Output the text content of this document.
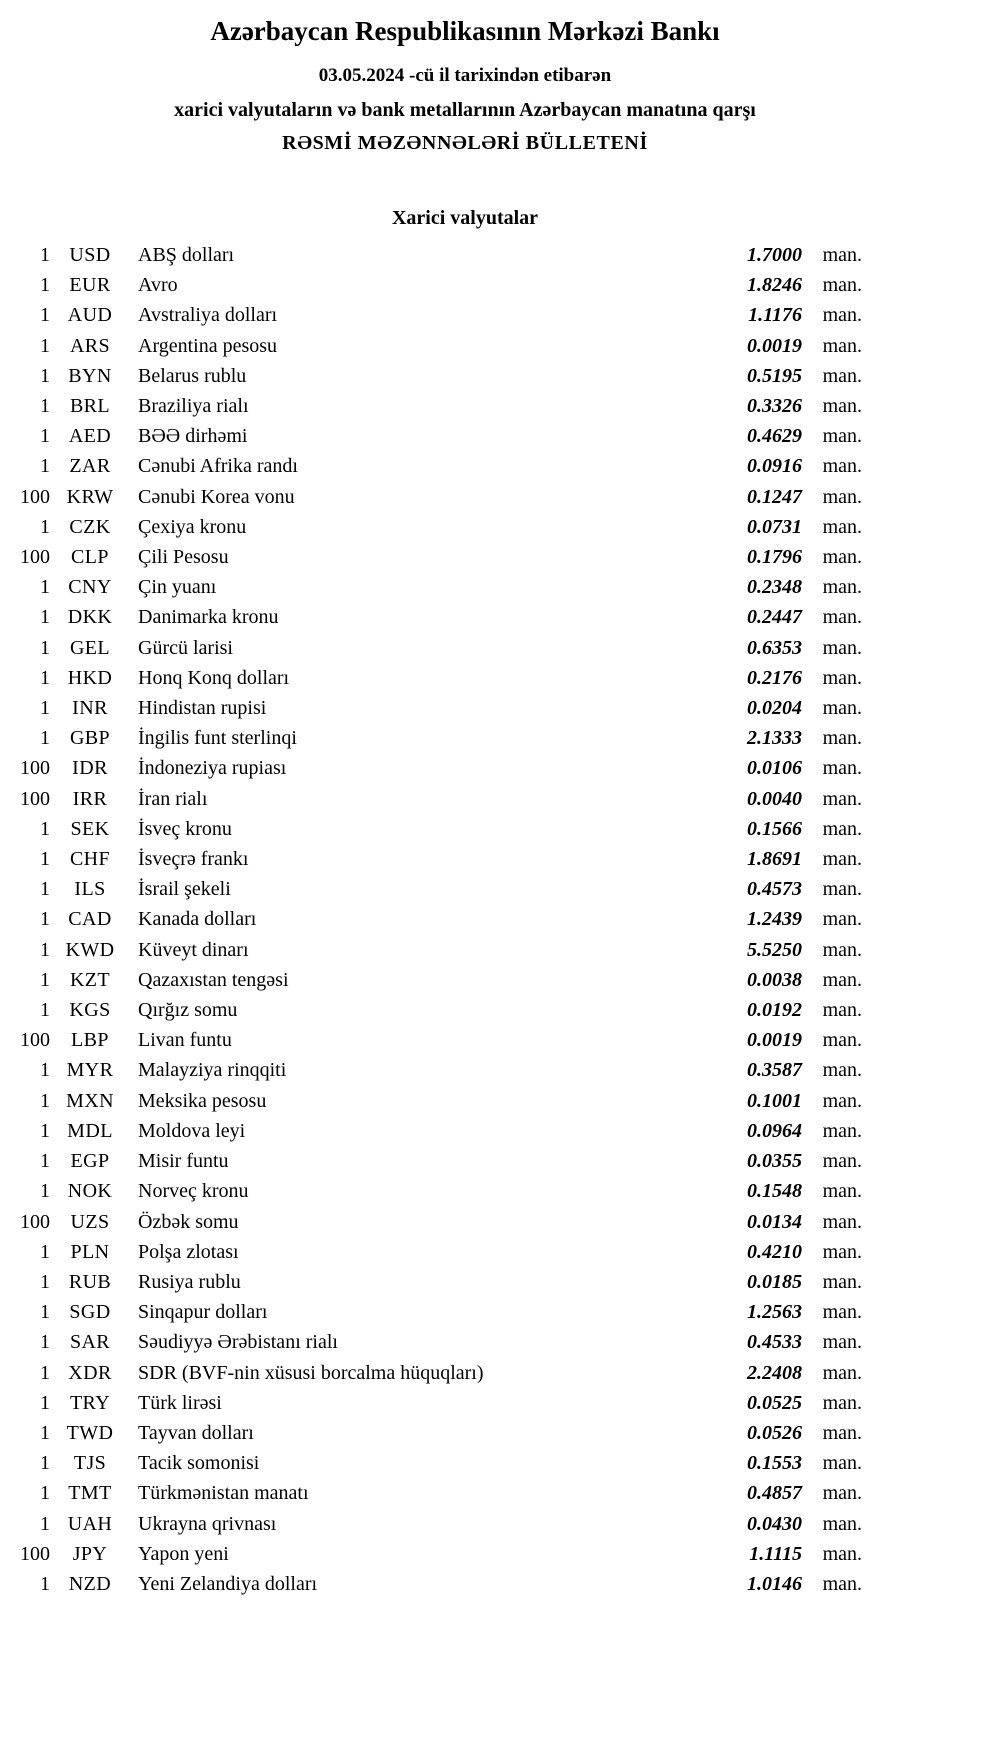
Azərbaycan Respublikasının Mərkəzi Bankı
03.05.2024 -cü il tarixindən etibarən
xarici valyutaların və bank metallarının Azərbaycan manatına qarşı
RƏSMİ MƏZƏNNƏLƏRİ BÜLLETENİ
Xarici valyutalar
1 USD	ABŞ dolları	1.7000	man.
1 EUR	Avro	1.8246	man.
1 AUD	Avstraliya dolları	1.1176	man.
1 ARS	Argentina pesosu	0.0019	man.
1 BYN	Belarus rublu	0.5195	man.
1 BRL	Braziliya rialı	0.3326	man.
1 AED	BƏƏ dirhəmi	0.4629	man.
1 ZAR	Cənubi Afrika randı	0.0916	man.
100 KRW	Cənubi Korea vonu	0.1247	man.
1 CZK	Çexiya kronu	0.0731	man.
100	CLP	Çili Pesosu	0.1796	man.
1 CNY	Çin yuanı	0.2348	man.
1 DKK	Danimarka kronu	0.2447	man.
1 GEL	Gürcü larisi	0.6353	man.
1 HKD	Honq Konq dolları	0.2176	man.
1	INR	Hindistan rupisi	0.0204	man.
1 GBP	İngilis funt sterlinqi	2.1333	man.
100	IDR	İndoneziya rupiası	0.0106	man.
100	IRR	İran rialı	0.0040	man.
1	SEK	İsveç kronu	0.1566	man.
1 CHF	İsveçrə frankı	1.8691	man.
1	ILS	İsrail şekeli	0.4573	man.
1 CAD	Kanada dolları	1.2439	man.
1 KWD	Küveyt dinarı	5.5250	man.
1 KZT	Qazaxıstan tengəsi	0.0038	man.
1 KGS	Qırğız somu	0.0192	man.
100	LBP	Livan funtu	0.0019	man.
1 MYR	Malayziya rinqqiti	0.3587	man.
1 MXN	Meksika pesosu	0.1001	man.
1 MDL	Moldova leyi	0.0964	man.
1	EGP	Misir funtu	0.0355	man.
1 NOK	Norveç kronu	0.1548	man.
100	UZS	Özbək somu	0.0134	man.
1	PLN	Polşa zlotası	0.4210	man.
1 RUB	Rusiya rublu	0.0185	man.
1 SGD	Sinqapur dolları	1.2563	man.
1 SAR	Səudiyyə Ərəbistanı rialı	0.4533	man.
1 XDR	SDR (BVF-nin xüsusi borcalma hüquqları)	2.2408	man.
1 TRY	Türk lirəsi	0.0525	man.
1 TWD	Tayvan dolları	0.0526	man.
1	TJS	Tacik somonisi	0.1553	man.
1 TMT	Türkmənistan manatı	0.4857	man.
1 UAH	Ukrayna qrivnası	0.0430	man.
100	JPY	Yapon yeni	1.1115	man.
1 NZD	Yeni Zelandiya dolları	1.0146	man.
